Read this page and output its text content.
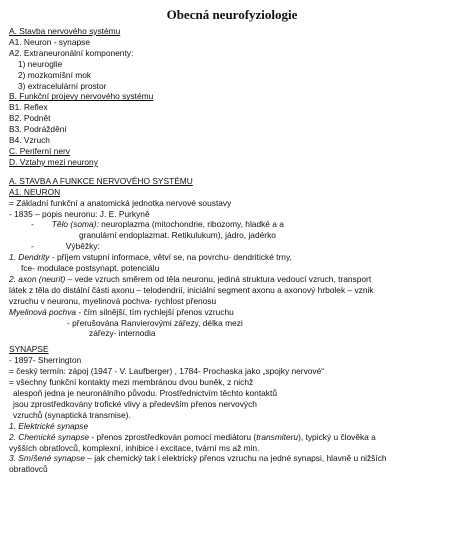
Obecná neurofyziologie
A. Stavba nervového systému
A1. Neuron - synapse
A2. Extraneuronální komponenty:
1) neuroglie
2) mozkomíšní mok
3) extracelulární prostor
B. Funkční projevy nervového systému
B1. Reflex
B2. Podnět
B3. Podráždění
B4. Vzruch
C. Periferní nerv
D. Vztahy mezi neurony
A. STAVBA A FUNKCE NERVOVÉHO SYSTÉMU
A1. NEURON
= Základní funkční a anatomická jednotka nervové soustavy
- 1835 – popis neuronu: J. E. Purkyně
- Tělo (soma): neuroplazma (mitochondrie, ribozomy, hladké a a
granulární endoplazmat. Retikulukum), jádro, jadérko
-	Výběžky:
1. Dendrity - příjem vstupní informace, větví se, na povrchu- dendritické trny,
fce- modulace postsynapt. potenciálu
2. axon (neurit) – vede vzruch směrem od těla neuronu, jediná struktura vedoucí vzruch, transport
látek z těla do distální části axonu – telodendrií, iniciální segment axonu a axonový hrbolek – vznik
vzruchu v neuronu, myelinová pochva- rychlost přenosu
Myelinová pochva - čím silnější, tím rychlejší přenos vzruchu
- přerušována Ranvierovými zářezy, délka mezi
zářezy- internodia
SYNAPSE
- 1897- Sherrington
= český termín: zápoj (1947 - V. Laufberger) , 1784- Prochaska jako „spojky nervové“
= všechny funkční kontakty mezi membránou dvou buněk, z nichž
alespoň jedna je neuronálního původu. Prostřednictvím těchto kontaktů
jsou zprostředkovány trofické vlivy a především přenos nervových
vzruchů (synaptická transmise).
1. Elektrické synapse
2. Chemické synapse - přenos zprostředkován pomocí mediátoru (transmiteru), typický u člověka a
vyšších obratlovců, komplexní, inhibice i excitace, tvární ms až min.
3. Smíšené synapse – jak chemický tak i elektrický přenos vzruchu na jedné synapsi, hlavně u nižších
obratlovců
